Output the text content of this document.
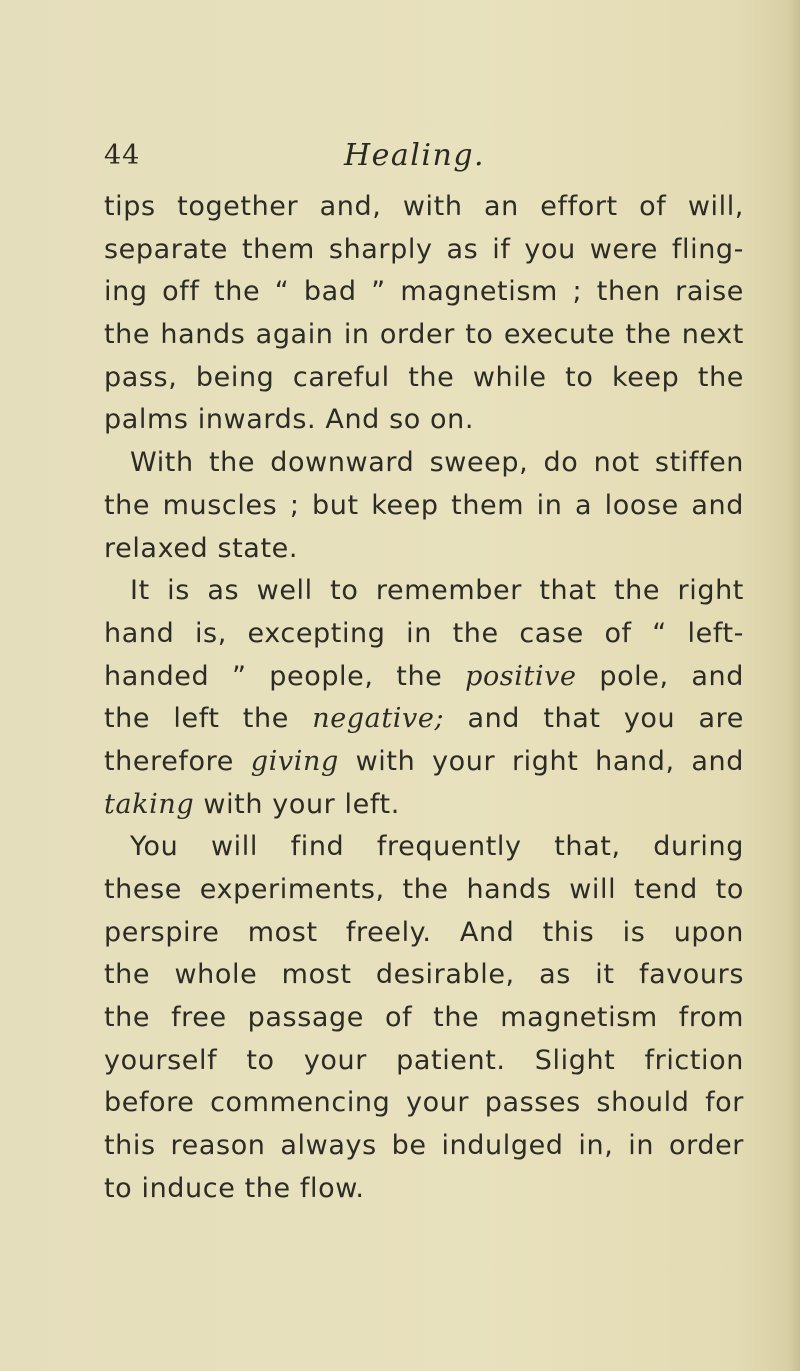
44	Healing.
tips together and, with an effort of will,
separate them sharply as if you were fling-
ing off the “ bad ” magnetism ; then raise
the hands again in order to execute the next
pass, being careful the while to keep the
palms inwards. And so on.
With the downward sweep, do not stiffen
the muscles ; but keep them in a loose and
relaxed state.
It is as well to remember that the right
hand is, excepting in the case of “ left-
handed ” people, the positive pole, and
the left the negative; and that you are
therefore giving with your right hand, and
taking with your left.
You will find frequently that, during
these experiments, the hands will tend to
perspire most freely. And this is upon
the whole most desirable, as it favours
the free passage of the magnetism from
yourself to your patient. Slight friction
before commencing your passes should for
this reason always be indulged in, in order
to induce the flow.
